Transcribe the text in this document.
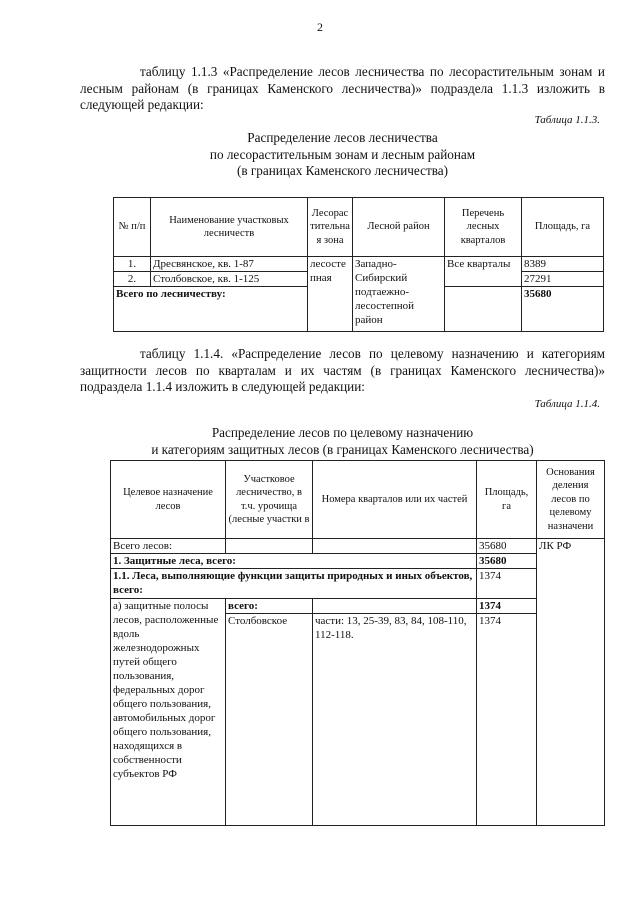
2
таблицу 1.1.3 «Распределение лесов лесничества по лесорастительным зонам и лесным районам (в границах Каменского лесничества)» подраздела 1.1.3 изложить в следующей редакции:
Таблица 1.1.3.
Распределение лесов лесничества
по лесорастительным зонам и лесным районам
(в границах Каменского лесничества)
№ п/п	Наименование участковых лесничеств	Лесорастительная зона	Лесной район	Перечень лесных кварталов	Площадь, га
1.	Дресвянское, кв. 1-87	лесостепная	Западно-Сибирский подтаежно-лесостепной район	Все кварталы	8389
2.	Столбовское, кв. 1-125				27291
Всего по лесничеству:					35680
таблицу 1.1.4. «Распределение лесов по целевому назначению и категориям защитности лесов по кварталам и их частям (в границах Каменского лесничества)» подраздела 1.1.4 изложить в следующей редакции:
Таблица 1.1.4.
Распределение лесов по целевому назначению
и категориям защитных лесов (в границах Каменского лесничества)
Целевое назначение лесов	Участковое лесничество, в т.ч. урочища (лесные участки в	Номера кварталов или их частей	Площадь, га	Основания деления лесов по целевому назначени
Всего лесов:			35680	ЛК РФ
1. Защитные леса, всего:			35680	
1.1. Леса, выполняющие функции защиты природных и иных объектов, всего:			1374	
а) защитные полосы лесов, расположенные вдоль железнодорожных путей общего пользования, федеральных дорог общего пользования, автомобильных дорог общего пользования, находящихся в собственности субъектов РФ	всего:		1374	
	Столбовское	части: 13, 25-39, 83, 84, 108-110, 112-118.	1374	
